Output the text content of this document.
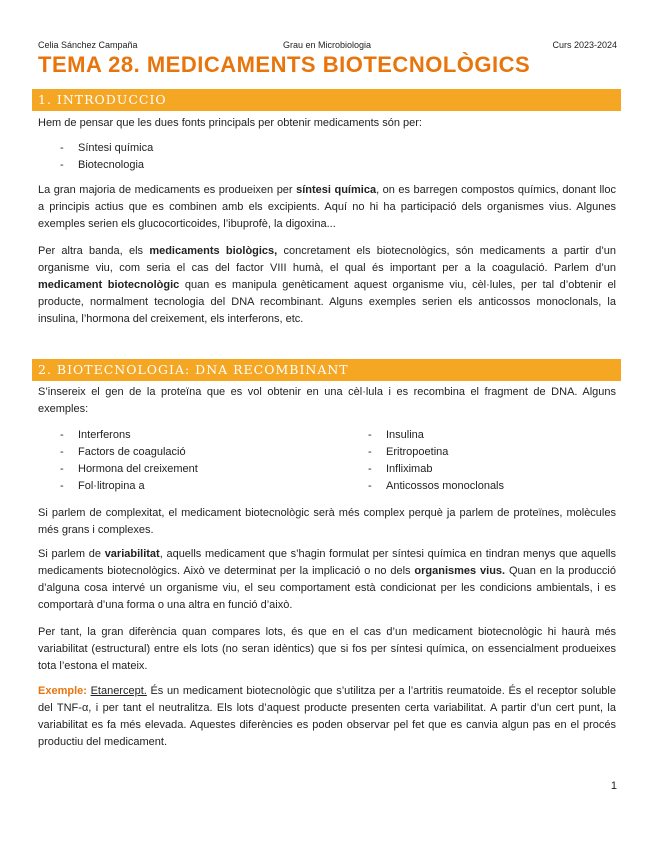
Celia Sánchez Campaña	Grau en Microbiologia	Curs 2023-2024
TEMA 28. MEDICAMENTS BIOTECNOLÒGICS
1. INTRODUCCIO

Hem de pensar que les dues fonts principals per obtenir medicaments són per:

- Síntesi química
- Biotecnologia

La gran majoria de medicaments es produeixen per síntesi química, on es barregen compostos químics, donant lloc a principis actius que es combinen amb els excipients. Aquí no hi ha participació dels organismes vius. Algunes exemples serien els glucocorticoides, l’ibuprofè, la digoxina...

Per altra banda, els medicaments biològics, concretament els biotecnològics, són medicaments a partir d’un organisme viu, com seria el cas del factor VIII humà, el qual és important per a la coagulació. Parlem d’un medicament biotecnològic quan es manipula genèticament aquest organisme viu, cèl·lules, per tal d’obtenir el producte, normalment tecnologia del DNA recombinant. Alguns exemples serien els anticossos monoclonals, la insulina, l’hormona del creixement, els interferons, etc.

2. BIOTECNOLOGIA: DNA RECOMBINANT

S’insereix el gen de la proteïna que es vol obtenir en una cèl·lula i es recombina el fragment de DNA. Alguns exemples:

- Interferons
- Factors de coagulació
- Hormona del creixement
- Fol·litropina a
- Insulina
- Eritropoetina
- Infliximab
- Anticossos monoclonals

Si parlem de complexitat, el medicament biotecnològic serà més complex perquè ja parlem de proteïnes, molècules més grans i complexes.

Si parlem de variabilitat, aquells medicament que s’hagin formulat per síntesi química en tindran menys que aquells medicaments biotecnològics. Això ve determinat per la implicació o no dels organismes vius. Quan en la producció d’alguna cosa intervé un organisme viu, el seu comportament està condicionat per les condicions ambientals, i es comportarà d’una forma o una altra en funció d’això.

Per tant, la gran diferència quan compares lots, és que en el cas d’un medicament biotecnològic hi haurà més variabilitat (estructural) entre els lots (no seran idèntics) que si fos per síntesi química, on essencialment produeixes tota l’estona el mateix.

Exemple: Etanercept. És un medicament biotecnològic que s’utilitza per a l’artritis reumatoide. És el receptor soluble del TNF-α, i per tant el neutralitza. Els lots d’aquest producte presenten certa variabilitat. A partir d’un cert punt, la variabilitat es fa més elevada. Aquestes diferències es poden observar pel fet que es canvia algun pas en el procés productiu del medicament.

1
